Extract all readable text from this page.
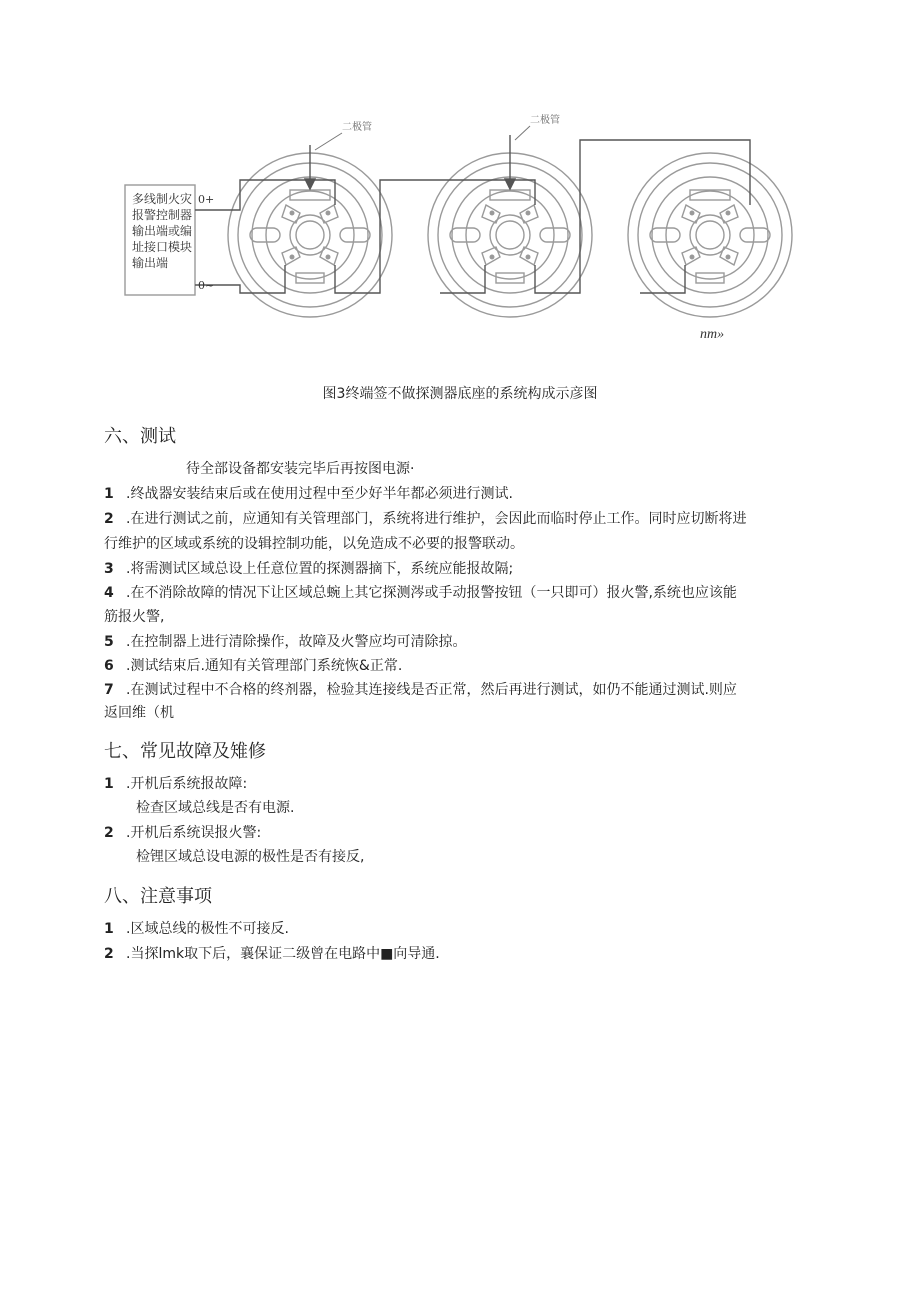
多线制火灾
报警控制器
输出端或编
址接口模块
输出端
0+
0~
二极管
二极管
nm»
图3终端签不做探测器底座的系统构成示彦图
六、测试
待全部设备都安装完毕后再按图电源·
1 .终战器安装结束后或在使用过程中至少好半年都必须进行测试.
2 .在进行测试之前，应通知有关管理部门，系统将进行维护，会因此而临时停止工作。同时应切断将进
行维护的区域或系统的设辑控制功能，以免造成不必要的报警联动。
3 .将需测试区域总设上任意位置的探测器摘下，系统应能报故隔;
4 .在不消除故障的情况下让区域总蜿上其它探测涔或手动报警按钮（一只即可）报火警,系统也应该能
筋报火警,
5 .在控制器上进行清除操作，故障及火警应均可清除掠。
6 .测试结束后.通知有关管理部门系统恢&正常.
7 .在测试过程中不合格的终剂器，检验其连接线是否正常，然后再进行测试，如仍不能通过测试.则应
返回维（机
七、常见故障及雉修
1 .开机后系统报故障:
检查区域总线是否有电源.
2 .开机后系统误报火警:
检锂区域总设电源的极性是否有接反,
八、注意事项
1 .区域总线的极性不可接反.
2 .当探lmk取下后，襄保证二级曾在电路中■向导通.
